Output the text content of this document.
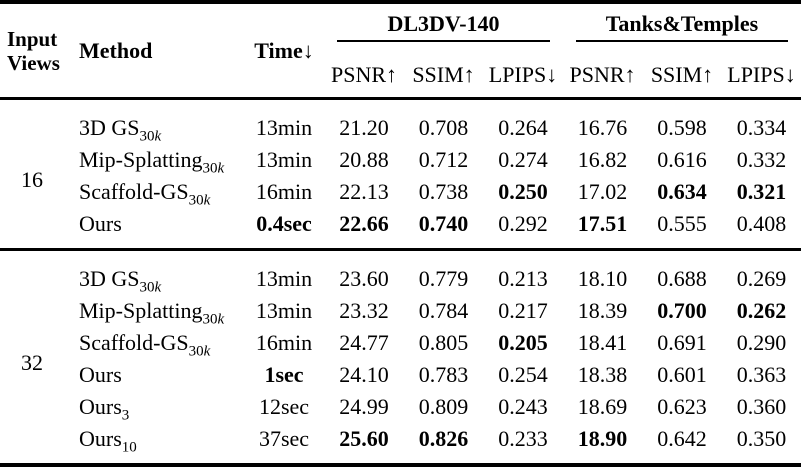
Input
Views	Method	Time↓	DL3DV-140			Tanks&Temples		

			PSNR↑	SSIM↑	LPIPS↓	PSNR↑	SSIM↑	LPIPS↓
16	3D $GS_{30k}$	13min	21.20	0.708	0.264	16.76	0.598	0.334
	Mip-Splatting$_{30k}$	13min	20.88	0.712	0.274	16.82	0.616	0.332
	Scaffold-$GS_{30k}$	16min	22.13	0.738	0.250	17.02	0.634	0.321
	Ours	0.4sec	22.66	0.740	0.292	17.51	0.555	0.408
32	3D $GS_{30k}$	13min	23.60	0.779	0.213	18.10	0.688	0.269
	Mip-Splatting$_{30k}$	13min	23.32	0.784	0.217	18.39	0.700	0.262
	Scaffold-$GS_{30k}$	16min	24.77	0.805	0.205	18.41	0.691	0.290
	Ours	1sec	24.10	0.783	0.254	18.38	0.601	0.363
	Ours$_3$	12sec	24.99	0.809	0.243	18.69	0.623	0.360
	Ours$_{10}$	37sec	25.60	0.826	0.233	18.90	0.642	0.350
